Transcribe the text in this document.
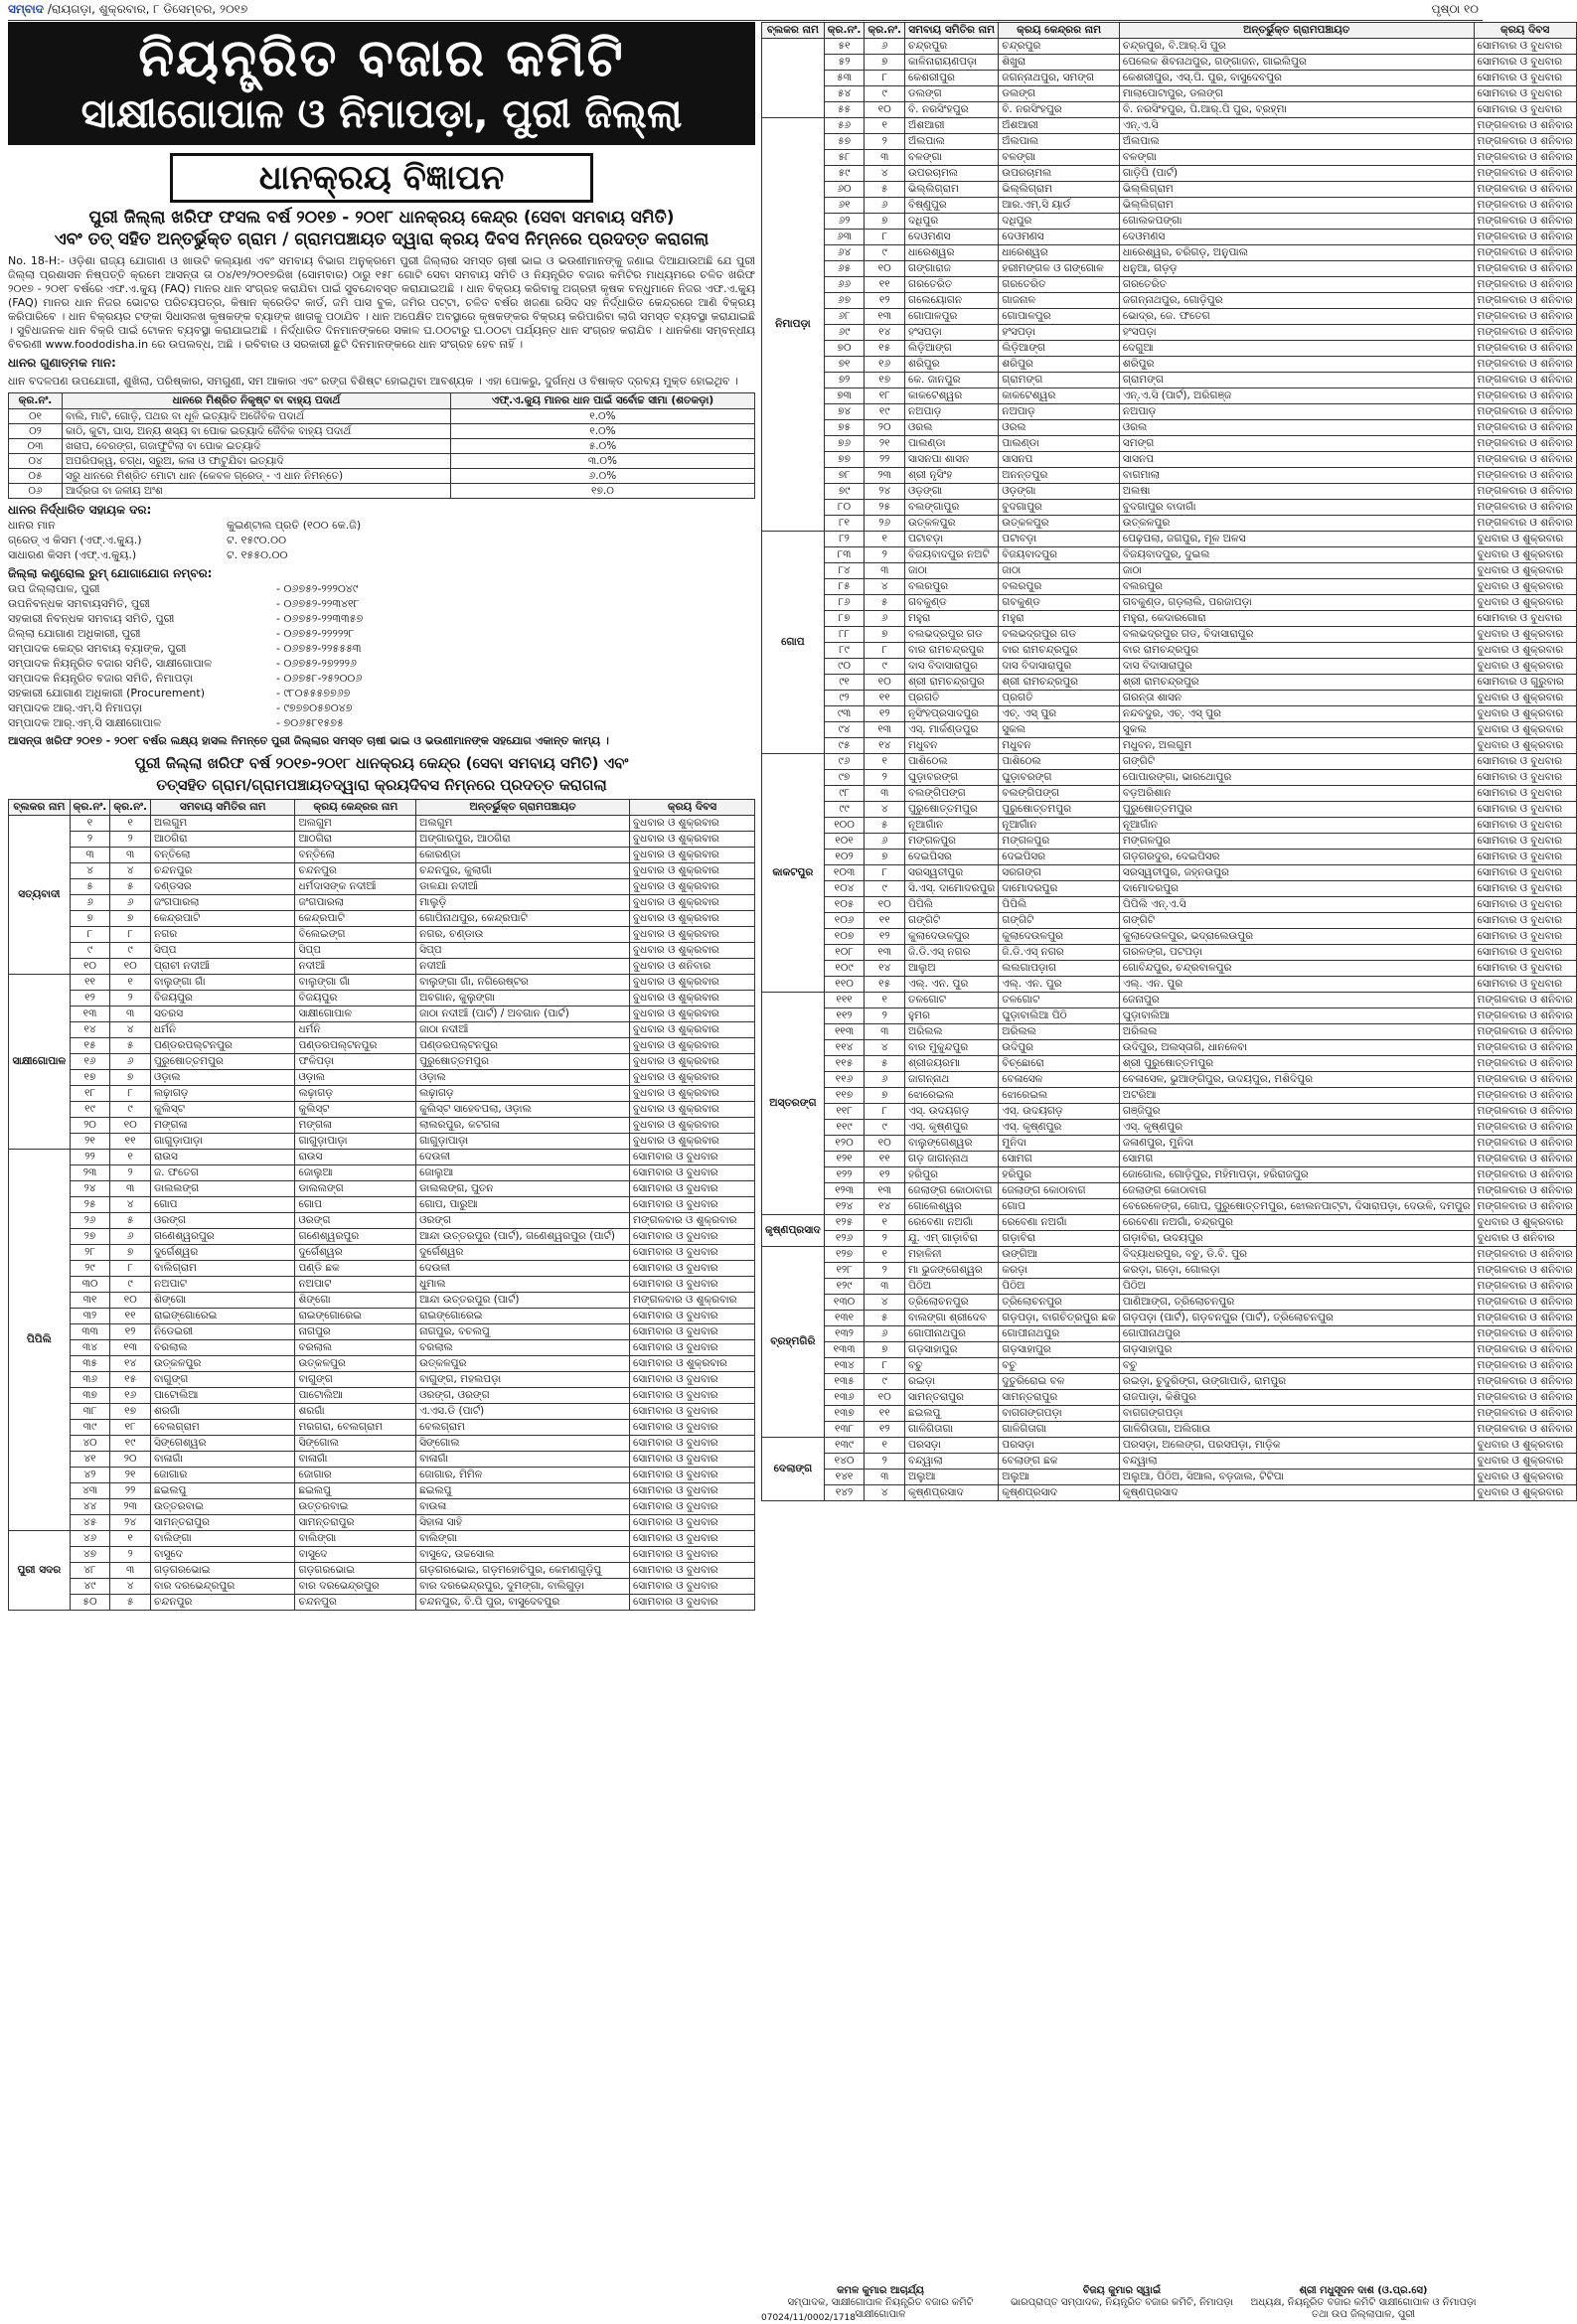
ସମ୍ବାଦ /ରାୟଗଡ଼ା, ଶୁକ୍ରବାର, ୮ ଡିସେମ୍ବର, ୨୦୧୭	ପୃଷ୍ଠା ୧୦
ନିୟନ୍ତ୍ରିତ ବଜାର କମିଟି
ସାକ୍ଷୀଗୋପାଳ ଓ ନିମାପଡ଼ା, ପୁରୀ ଜିଲ୍ଲା
ଧାନକ୍ରୟ ବିଜ୍ଞାପନ
ପୁରୀ ଜିଲ୍ଲା ଖରିଫ ଫସଲ ବର୍ଷ ୨୦୧୭ - ୨୦୧୮ ଧାନକ୍ରୟ କେନ୍ଦ୍ର (ସେବା ସମବାୟ ସମିତି)
ଏବଂ ତତ୍ ସହିତ ଅନ୍ତର୍ଭୁକ୍ତ ଗ୍ରାମ / ଗ୍ରାମପଞ୍ଚାୟତ ଦ୍ୱାରା କ୍ରୟ ଦିବସ ନିମ୍ନରେ ପ୍ରଦତ୍ତ କରାଗଲା
No. 18-H:- ଓଡ଼ିଶା ରାଜ୍ୟ ଯୋଗାଣ ଓ ଖାଉଟି କଲ୍ୟାଣ ଏବଂ ସମବାୟ ବିଭାଗ ଅନୁକ୍ରମେ ପୁରୀ ଜିଲ୍ଲାର ସମସ୍ତ ଚାଷୀ ଭାଇ ଓ ଭଉଣୀମାନଙ୍କୁ ଜଣାଇ ଦିଆଯାଉଅଛି ଯେ ପୁରୀ ଜିଲ୍ଲା ପ୍ରଶାସନ ନିଷ୍ପତ୍ତି କ୍ରମେ ଆସନ୍ତା ତା ୦୪/୧୨/୨୦୧୭ରିଖ (ସୋମବାର) ଠାରୁ ୧୫୮ ଗୋଟି ସେବା ସମବାୟ ସମିତି ଓ ନିୟନ୍ତ୍ରିତ ବଜାର କମିଟିର ମାଧ୍ୟମରେ ଚଳିତ ଖରିଫ ୨୦୧୭ - ୨୦୧୮ ବର୍ଷରେ ଏଫ.ଏ.କ୍ୟୁ (FAQ) ମାନର ଧାନ ସଂଗ୍ରହ କରାଯିବା ପାଇଁ ସୁବନ୍ଦୋବସ୍ତ କରାଯାଇଅଛି । ଧାନ ବିକ୍ରୟ କରିବାକୁ ଅଗ୍ରହୀ କୃଷକ ବନ୍ଧୁମାନେ ନିଜର ଏଫ.ଏ.କ୍ୟୁ (FAQ) ମାନର ଧାନ ନିଜର ଭୋଟର ପରିଚୟପତ୍ର, କିଷାନ କ୍ରେଡିଟ କାର୍ଡ, ଜମି ପାସ ବୁକ, ଜମିର ପଟ୍ଟା, ଚଳିତ ବର୍ଷର ଖଜଣା ରସିଦ ସହ ନିର୍ଦ୍ଧାରିତ କେନ୍ଦ୍ରରେ ଆଣି ବିକ୍ରୟ କରିପାରିବେ । ଧାନ ବିକ୍ରୟର ଟଙ୍କା ସିଧାସଳଖ କୃଷକଙ୍କ ବ୍ୟାଙ୍କ ଖାତାକୁ ପଠାଯିବ । ଧାନ ଅପେକ୍ଷିତ ଅବସ୍ଥାରେ କୃଷକଙ୍କର ବିକ୍ରୟ କରିପାରିବା ଲାଗି ସମସ୍ତ ବ୍ୟବସ୍ଥା କରାଯାଇଛି । ସୁବିଧାଜନକ ଧାନ ବିକ୍ରି ପାଇଁ ଟୋକନ ବ୍ୟବସ୍ଥା କରାଯାଇଅଛି । ନିର୍ଦ୍ଧାରିତ ଦିନମାନଙ୍କରେ ସକାଳ ଘ.୦୦ଟାରୁ ଘ.୦୦ଟା ପର୍ଯ୍ୟନ୍ତ ଧାନ ସଂଗ୍ରହ କରାଯିବ । ଧାନକିଣା ସମ୍ବନ୍ଧୀୟ ବିବରଣୀ www.foododisha.in ରେ ଉପଲବ୍ଧ, ଅଛି । ରବିବାର ଓ ସରକାରୀ ଛୁଟି ଦିନମାନଙ୍କରେ ଧାନ ସଂଗ୍ରହ ହେବ ନାହିଁ ।
ଧାନର ଗୁଣାତ୍ମକ ମାନ:
ଧାନ ବଦଳପଣ ଉପଯୋଗୀ, ଶୁଖିଲା, ପରିଷ୍କାର, ସମଗୁଣୀ, ସମ ଆକାର ଏବଂ ରଙ୍ଗ ବିଶିଷ୍ଟ ହୋଇଥିବା ଆବଶ୍ୟକ । ଏହା ପୋକରୁ, ଦୁର୍ଗନ୍ଧ ଓ ବିଷାକ୍ତ ଦ୍ରବ୍ୟ ମୁକ୍ତ ହୋଇଥିବ ।
କ୍ର.ନଂ.	ଧାନରେ ମିଶ୍ରିତ ନିକୃଷ୍ଟ ବା ବାହ୍ୟ ପଦାର୍ଥ	ଏଫ୍.ଏ.କ୍ୟୁ ମାନର ଧାନ ପାଇଁ ସର୍ବୋଚ୍ଚ ସୀମା (ଶତକଡ଼ା)
୦୧	ବାଲି, ମାଟି, ଗୋଡ଼ି, ପଥର ବା ଧୂଳି ଇତ୍ୟାଦି ଅଜୈବିକ ପଦାର୍ଥ	୧.୦%
୦୨	କାଠି, କୁଟା, ଘାସ, ଅନ୍ୟ ଶସ୍ୟ ବା ପୋକ ଇତ୍ୟାଦି ଜୈବିକ ବାହ୍ୟ ପଦାର୍ଥ	୧.୦%
୦୩	ଖରାପ, ବେରଙ୍ଗ, ଗଜାଫୁଟିଲା ବା ପୋକ ଇତ୍ୟାଦି	୫.୦%
୦୪	ଅପରିପକ୍ୱ, ଚଗ୍ଧ, ସରୁଅ, କଳା ଓ ଫାଟୁଯିବା ଇତ୍ୟାଦି	୩.୦%
୦୫	ସରୁ ଧାନରେ ମିଶ୍ରିତ ମୋଟା ଧାନ (କେବଳ ଗ୍ରେଡ୍ - ଏ ଧାନ ନିମନ୍ତେ)	୬.୦%
୦୬	ଆର୍ଦ୍ରତା ବା ଜଳୀୟ ଅଂଶ	୧୭.୦
ଧାନର ନିର୍ଦ୍ଧାରିତ ସହାୟକ ଦର:
ଧାନର ମାନ	କୁଇଣ୍ଟାଲ ପ୍ରତି (୧୦୦ କେ.ଜି)
ଗ୍ରେଡ୍ ଏ କିସମ (ଏଫ୍.ଏ.କ୍ୟୁ.)	ଟ. ୧୫୯୦.୦୦
ସାଧାରଣ କିସମ (ଏଫ୍.ଏ.କ୍ୟୁ.)	ଟ. ୧୫୫୦.୦୦
ଜିଲ୍ଲା କଣ୍ଟ୍ରୋଲ ରୁମ୍ ଯୋଗାଯୋଗ ନମ୍ବର:
ଉପ ଜିଲ୍ଲାପାଳ, ପୁରୀ	- ୦୬୭୫୨-୨୨୨୦୪୯
ଉପନିବନ୍ଧକ ସମବାୟସମିତି, ପୁରୀ	- ୦୬୭୫୨-୨୨୩୪୧୮
ସହକାରୀ ନିବନ୍ଧକ ସମବାୟ ସମିତି, ପୁରୀ	- ୦୬୭୫୨-୨୨୩୩୫୭
ଜିଲ୍ଲା ଯୋଗାଣ ଅଧିକାରୀ, ପୁରୀ	- ୦୬୭୫୨-୨୨୨୨୨୮
ସମ୍ପାଦକ କେନ୍ଦ୍ର ସମବାୟ ବ୍ୟାଙ୍କ, ପୁରୀ	- ୦୬୭୫୨-୨୨୫୫୫୩
ସମ୍ପାଦକ ନିୟନ୍ତ୍ରିତ ବଜାର ସମିତି, ସାକ୍ଷୀଗୋପାଳ	- ୦୬୭୫୨-୨୭୨୨୨୬
ସମ୍ପାଦକ ନିୟନ୍ତ୍ରିତ ବଜାର ସମିତି, ନିମାପଡ଼ା	- ୦୬୭୫୮-୨୫୨୦୦୬
ସହକାରୀ ଯୋଗାଣ ଅଧିକାରୀ (Procurement)	- ୯୮୦୫୫୫୭୭୬୭
ସମ୍ପାଦକ ଆର୍.ଏମ୍.ସି ନିମାପଡ଼ା	- ୯୭୭୭୦୫୭୦୪୭
ସମ୍ପାଦକ ଆର୍.ଏମ୍.ସି ସାକ୍ଷୀଗୋପାଳ	- ୭୦୬୫୮୧୫୭୫
ଆସନ୍ତା ଖରିଫ ୨୦୧୭ - ୨୦୧୮ ବର୍ଷର ଲକ୍ଷ୍ୟ ହାସଲ ନିମନ୍ତେ ପୁରୀ ଜିଲ୍ଲାର ସମସ୍ତ ଚାଷୀ ଭାଇ ଓ ଭଉଣୀମାନଙ୍କ ସହଯୋଗ ଏକାନ୍ତ କାମ୍ୟ ।
ପୁରୀ ଜିଲ୍ଲା ଖରିଫ ବର୍ଷ ୨୦୧୭-୨୦୧୮ ଧାନକ୍ରୟ କେନ୍ଦ୍ର (ସେବା ସମବାୟ ସମିତି) ଏବଂ
ତତ୍ସହିତ ଗ୍ରାମ/ଗ୍ରାମପଞ୍ଚାୟତଦ୍ୱାରା କ୍ରୟଦିବସ ନିମ୍ନରେ ପ୍ରଦତ୍ତ କରାଗଲା
ବ୍ଲକର ନାମ	କ୍ର.ନଂ.	କ୍ର.ନଂ.	ସମବାୟ ସମିତିର ନାମ	କ୍ରୟ କେନ୍ଦ୍ରର ନାମ	ଅନ୍ତର୍ଭୁକ୍ତ ଗ୍ରାମପଞ୍ଚାୟତ	କ୍ରୟ ଦିବସ
ସତ୍ୟବାଦୀ	୧	୧	ଅଲଗୁମ	ଅଲଗୁମ	ଅଲଗୁମ	ବୁଧବାର ଓ ଶୁକ୍ରବାର
	୨	୨	ଆଠଗିରା	ଆଠଗିରା	ଅଙ୍ଗାରପୁର, ଆଠଗିରା	ବୁଧବାର ଓ ଶୁକ୍ରବାର
	୩	୩	ବନ୍ତିଲୋ	ବନ୍ତିଲୋ	କୋରଣ୍ଡା	ବୁଧବାର ଓ ଶୁକ୍ରବାର
	୪	୪	ଚନ୍ଦନପୁର	ଚନ୍ଦନପୁର	ଚନ୍ଦନପୁର, କୁଲାଗାଁ	ବୁଧବାର ଓ ଶୁକ୍ରବାର
	୫	୫	ଦଣ୍ଡସର	ଧର୍ମଦାସଙ୍କ ନଦୀଆଁ	ଡାଳଯା ନଦୀଆଁ	ବୁଧବାର ଓ ଶୁକ୍ରବାର
	୬	୬	ଜଂଗପାରଲା	ଜଂଗପାରଲା	ମାଲୁଡ଼ି	ବୁଧବାର ଓ ଶୁକ୍ରବାର
	୭	୭	କେନ୍ଦ୍ରପାଟି	କେନ୍ଦ୍ରପାଟି	ଗୋପିନାଥପୁର, କେନ୍ଦ୍ରପାଟି	ବୁଧବାର ଓ ଶୁକ୍ରବାର
	୮	୮	ନଗର	ବିଲେଇଙ୍ଗ	ନଗର, ଚଣ୍ଡାଉ	ବୁଧବାର ଓ ଶୁକ୍ରବାର
	୯	୯	ସିପ୍ପ	ସିପ୍ପ	ସିପ୍ପ	ବୁଧବାର ଓ ଶୁକ୍ରବାର
	୧୦	୧୦	ପ୍ରାଚୀ ନଦୀଆଁ	ନଦୀଆଁ	ନଦୀଆଁ	ବୁଧବାର ଓ ଶନିବାର
ସାକ୍ଷୀଗୋପାଳ	୧୧	୧	ବାଲୁଙ୍ଗା ଗାଁ	ବାଲୁଙ୍ଗା ଗାଁ	ବାଲୁଙ୍ଗା ଗାଁ, ନଗିରେଷ୍ଟର	ବୁଧବାର ଓ ଶୁକ୍ରବାର
	୧୨	୨	ବିଜୟପୁର	ବିଜୟପୁର	ଅବଗାନ, କୁଲୁଙ୍ଗା	ବୁଧବାର ଓ ଶୁକ୍ରବାର
	୧୩	୩	ସତରସ	ସାକ୍ଷୀଗୋପାଳ	ଜାଠା ନଦୀଆଁ (ପାର୍ଟ) / ଅବଗାନ (ପାର୍ଟ)	ବୁଧବାର ଓ ଶୁକ୍ରବାର
	୧୪	୪	ଧର୍ମନି	ଧର୍ମନି	ଜାଠା ନଦୀଆଁ	ବୁଧବାର ଓ ଶୁକ୍ରବାର
	୧୫	୫	ପଣ୍ଡରପଲ୍ଟନପୁର	ପଣ୍ଡରପଲ୍ଟନପୁର	ପଣ୍ଡରପଲ୍ଟନପୁର	ବୁଧବାର ଓ ଶୁକ୍ରବାର
	୧୬	୬	ପୁରୁଷୋତ୍ତମପୁର	ଫଳିପଡ଼ା	ପୁରୁଷୋତ୍ତମପୁର	ବୁଧବାର ଓ ଶୁକ୍ରବାର
	୧୭	୭	ଓଡ଼ାଲ	ଓଡ଼ାଲ	ଓଡ଼ାଲ	ବୁଧବାର ଓ ଶୁକ୍ରବାର
	୧୮	୮	ଲଢ଼ାଗଡ଼	ଲଢ଼ାଗଡ଼	ଲଢ଼ାଗଡ଼	ବୁଧବାର ଓ ଶୁକ୍ରବାର
	୧୯	୯	କୁଲିସ୍ଟ	କୁଲିସ୍ଟ	କୁଲିସ୍ଟ ସାହେବପଲା, ଓଡ଼ାଲ	ବୁଧବାର ଓ ଶୁକ୍ରବାର
	୨୦	୧୦	ମଙ୍ଗଳା	ମଙ୍ଗଳା	ଲାଲରପୁର, କଟଗଳା	ବୁଧବାର ଓ ଶୁକ୍ରବାର
	୨୧	୧୧	ଗାଗୁଡ଼ାପାଡ଼ା	ଗାଗୁଡ଼ାପାଡ଼ା	ଗାଗୁଡ଼ାପାଡ଼ା	ବୁଧବାର ଓ ଶୁକ୍ରବାର
ପିପିଲି	୨୨	୧	ରାଉସ	ରାଉସ	ଦେଉଳୀ	ସୋମବାର ଓ ବୁଧବାର
	୨୩	୨	ଜ. ଫତେଗ	ଜୋଲୁଆ	ଜୋଲୁଆ	ସୋମବାର ଓ ବୁଧବାର
	୨୪	୩	ଡାଲଲଙ୍ଗ	ଡାଲଲଙ୍ଗ	ଡାଲଲଙ୍ଗ, ପୁତନ	ସୋମବାର ଓ ବୁଧବାର
	୨୫	୪	ଗୋପ	ଗୋପ	ଗୋପ, ପାରୁଆ	ସୋମବାର ଓ ବୁଧବାର
	୨୬	୫	ଓରଙ୍ଗ	ଓରଙ୍ଗ	ଓରଙ୍ଗ	ମଙ୍ଗଳବାର ଓ ଶୁକ୍ରବାର
	୨୭	୬	ଗଣେଶ୍ୱରପୁର	ଗଣେଶ୍ୱରପୁର	ଆନ୍ଦା ଉତ୍ତରପୁର (ପାର୍ଟ), ଗଣେଶ୍ୱରପୁର (ପାର୍ଟ)	ସୋମବାର ଓ ବୁଧବାର
	୨୮	୭	ଦୁର୍ଗେଶ୍ୱର	ଦୁର୍ଗେଶ୍ୱର	ଦୁର୍ଗେଶ୍ୱର	ସୋମବାର ଓ ବୁଧବାର
	୨୯	୮	ବାଲିଗ୍ରାମ	ପଣ୍ଡି ଛକ	ଦେଉଳୀ	ସୋମବାର ଓ ବୁଧବାର
	୩୦	୯	ନଅପାଟ	ନଅପାଟ	ଧୁମାଲ	ସୋମବାର ଓ ବୁଧବାର
	୩୧	୧୦	ଶିଙ୍ଗୋ	ଶିଙ୍ଗୋ	ଆନ୍ଦା ଉତ୍ତରପୁର (ପାର୍ଟ)	ମଙ୍ଗଳବାର ଓ ଶୁକ୍ରବାର
	୩୨	୧୧	ରାଇଙ୍ଗୋରେଇ	ରାଇଙ୍ଗୋରେଇ	ରାଇଙ୍ଗୋରେଇ	ସୋମବାର ଓ ବୁଧବାର
	୩୩	୧୨	ନିଡେଇରୀ	ନାଗପୁର	ନାଗପୁର, ବଚଲପୁ	ସୋମବାର ଓ ବୁଧବାର
	୩୪	୧୩	ବରଲାଲ	ବରଲାଲ	ବରଲାଲ	ସୋମବାର ଓ ବୁଧବାର
	୩୫	୧୪	ଉତ୍କଳପୁର	ଉତ୍କଳପୁର	ଉତ୍କଳପୁର	ସୋମବାର ଓ ଶୁକ୍ରବାର
	୩୬	୧୫	ବାଗୁଙ୍ଗ	ବାଗୁଙ୍ଗ	ବାଗୁଙ୍ଗ, ମହଲପଡ଼ା	ସୋମବାର ଓ ବୁଧବାର
	୩୭	୧୬	ପାଟୋଲିଆ	ପାଟୋଲିଆ	ଓରଙ୍ଗ, ଓରଙ୍ଗ	ସୋମବାର ଓ ବୁଧବାର
	୩୮	୧୭	ଶରଗାଁ	ଶରଗାଁ	ଏ.ଏସ.ଡି (ପାର୍ଟ)	ସୋମବାର ଓ ବୁଧବାର
	୩୯	୧୮	ବେଲଗ୍ରାମ	ମରଗରା, ବେଲଗ୍ରାମ	ବେଲଗ୍ରାମ	ସୋମବାର ଓ ବୁଧବାର
	୪୦	୧୯	ସିଙ୍ଗେଶ୍ୱର	ସିଙ୍ଗୋଲ	ସିଙ୍ଗୋଲ	ସୋମବାର ଓ ବୁଧବାର
	୪୧	୨୦	ବାଳାଗାଁ	ବାଳାଗାଁ	ବାଳାଗାଁ	ସୋମବାର ଓ ବୁଧବାର
	୪୨	୨୧	ଜୋଗାର	ଜୋଗାର	ଜୋଗାର, ମିମିଳ	ସୋମବାର ଓ ବୁଧବାର
	୪୩	୨୨	ଛଇଲପୁ	ଛଇଲପୁ	ଛଇଲପୁ	ସୋମବାର ଓ ବୁଧବାର
	୪୪	୨୩	ଉତ୍ତରବାଇ	ଉତ୍ତରବାଇ	ବାଉଳା	ସୋମବାର ଓ ବୁଧବାର
	୪୫	୨୪	ସାମନ୍ତରାପୁର	ସାମନ୍ତରାପୁର	ସିହାଳା ସାହି	ସୋମବାର ଓ ବୁଧବାର
ପୁରୀ ସଦର	୪୬	୧	ବାଲିଙ୍ଗା	ବାଲିଙ୍ଗା	ବାଲିଙ୍ଗା	ସୋମବାର ଓ ବୁଧବାର
	୪୭	୨	ବାସୁଦେ	ବାସୁଦେ	ବାସୁଦେ, ଉଚ୍ଚସୋଲ	ସୋମବାର ଓ ବୁଧବାର
	୪୮	୩	ଗଡ଼ଗରଭୋଇ	ଗଡ଼ଗରଭୋଇ	ଗଡ଼ଗରଭୋଇ, ଗଡ଼ମହୋଚିପୁର, କେମଣଗୁଡ଼ିପୁ	ସୋମବାର ଓ ବୁଧବାର
	୪୯	୪	ବାର ଦରଭେନ୍ଦ୍ରପୁର	ବାର ଦରଭେନ୍ଦ୍ରପୁର	ବାର ଦରଭେନ୍ଦ୍ରପୁର, ଦୁମଙ୍ଗା, ବାଲିଗୁଡ଼ା	ସୋମବାର ଓ ବୁଧବାର
	୫୦	୫	ଚନ୍ଦନପୁର	ଚନ୍ଦନପୁର	ଚନ୍ଦନପୁର, ବି.ପି ପୁର, ବାସୁଦେବପୁର	ସୋମବାର ଓ ବୁଧବାର
ବ୍ଲକର ନାମ	କ୍ର.ନଂ.	କ୍ର.ନଂ.	ସମବାୟ ସମିତିର ନାମ	କ୍ରୟ କେନ୍ଦ୍ରର ନାମ	ଅନ୍ତର୍ଭୁକ୍ତ ଗ୍ରାମପଞ୍ଚାୟତ	କ୍ରୟ ଦିବସ
	୫୧	୬	ଚନ୍ଦ୍ରପୁର	ଚନ୍ଦ୍ରପୁର	ଚନ୍ଦ୍ରପୁର, ବି.ଆର୍.ସି ପୁର	ସୋମବାର ଓ ବୁଧବାର
	୫୨	୭	କାଳିନାରାୟଣପଡ଼ା	ଶିଖୁରା	ପେଲେକ ଶିବନାଥପୁର, ଗଙ୍ଗାଜନ, ଗାଇଲିପୁର	ସୋମବାର ଓ ବୁଧବାର
	୫୩	୮	କେଶରୀପୁର	ଜଗନ୍ନାଥପୁର, ସମଙ୍ଗ	କେଶରୀପୁର, ଏସ୍.ପି. ପୁର, ବାସୁଦେବପୁର	ସୋମବାର ଓ ବୁଧବାର
	୫୪	୯	ଡଲଙ୍ଗ	ଡଲଙ୍ଗ	ମାଲାପୋଟାପୁର, ଡଲଙ୍ଗ	ସୋମବାର ଓ ବୁଧବାର
	୫୫	୧୦	ବି. ନରସିଂହପୁର	ବି. ନରସିଂହପୁର	ବି. ନରସିଂହପୁର, ପି.ଆର୍.ପି ପୁର, ବ୍ରହ୍ମା	ସୋମବାର ଓ ବୁଧବାର
ନିମାପଡ଼ା	୫୬	୧	ଅଁଶଆରୀ	ଅଁଶଆରୀ	ଏନ୍.ଏ.ସି	ମଙ୍ଗଳବାର ଓ ଶନିବାର
	୫୭	୨	ଅଁଲପାଲ	ଅଁଲପାଲ	ଅଁଲପାଲ	ମଙ୍ଗଳବାର ଓ ଶନିବାର
	୫୮	୩	ବଳଙ୍ଗା	ବଳଙ୍ଗା	ବଳଙ୍ଗା	ମଙ୍ଗଳବାର ଓ ଶନିବାର
	୫୯	୪	ଉପରଚାମଲ	ଉପରଚାମଲ	ଗାଡ଼ିପି (ପାର୍ଟ)	ମଙ୍ଗଳବାର ଓ ଶନିବାର
	୬୦	୫	ଭିଲ୍ଲିଗ୍ରାମ	ଭିଲ୍ଲିଗ୍ରାମ	ଭିଲ୍ଲିଗ୍ରାମ	ମଙ୍ଗଳବାର ଓ ଶନିବାର
	୬୧	୬	ବିଷ୍ଣୁପୁର	ଆର.ଏମ୍.ସି ୟାର୍ଡ	ଭିଲ୍ଲିଗ୍ରାମ	ମଙ୍ଗଳବାର ଓ ଶନିବାର
	୬୨	୭	ଦଧିପୁର	ଦଧିପୁର	ଗୋଲକପଙ୍ଗା	ମଙ୍ଗଳବାର ଓ ଶନିବାର
	୬୩	୮	ଦେଓମଣସ	ଦେଓମଣସ	ଦେଓମଣସ	ମଙ୍ଗଳବାର ଓ ଶନିବାର
	୬୪	୯	ଧାରେଶ୍ୱର	ଧାରେଶ୍ୱର	ଧାରେଶ୍ୱର, ଚରିଗଡ଼, ଅନୁପାଲ	ମଙ୍ଗଳବାର ଓ ଶନିବାର
	୬୫	୧୦	ଗଙ୍ଗାରାଜ	ହରୀମଙ୍ଗଳ ଓ ଗଙ୍ଗୋଳ	ଧନୁଆ, ଗଡ଼ଡ଼	ମଙ୍ଗଳବାର ଓ ଶନିବାର
	୬୬	୧୧	ଗରତେରିତ	ଗରତେରିତ	ଗରତେରିତ	ମଙ୍ଗଳବାର ଓ ଶନିବାର
	୬୭	୧୨	ଗଲେୟୋଗନ	ଗାଜନାଳ	ଜଗନ୍ନାଥପୁର, ଗୋଡ଼ିପୁର	ମଙ୍ଗଳବାର ଓ ଶନିବାର
	୬୮	୧୩	ଗୋପାଳପୁର	ଗୋପାଳପୁର	ଭୋଦ୍ର, ଜେ. ଫତେଗ	ମଙ୍ଗଳବାର ଓ ଶନିବାର
	୬୯	୧୪	ହଂସପଡ଼ା	ହଂସପଡ଼ା	ହଂସପଡ଼ା	ମଙ୍ଗଳବାର ଓ ଶନିବାର
	୭୦	୧୫	ଲିଡ଼ିଆଙ୍ଗ	ଲିଡ଼ିଆଙ୍ଗ	ଦେଗୁଆ	ମଙ୍ଗଳବାର ଓ ଶନିବାର
	୭୧	୧୬	ଶରିପୁର	ଶରିପୁର	ଶରିପୁର	ମଙ୍ଗଳବାର ଓ ଶନିବାର
	୭୨	୧୭	କେ. ଜାନପୁର	ଗ୍ରାମଙ୍ଗ	ଗ୍ରାମଙ୍ଗ	ମଙ୍ଗଳବାର ଓ ଶନିବାର
	୭୩	୧୮	କାକଟେଶ୍ୱର	କାକଟେଶ୍ୱର	ଏନ୍.ଏ.ସି (ପାର୍ଟ), ଅରିଗଞ୍ଜ	ମଙ୍ଗଳବାର ଓ ଶନିବାର
	୭୪	୧୯	ନଅପାଡ଼	ନଅପାଡ଼	ନଅପାଡ଼	ମଙ୍ଗଳବାର ଓ ଶନିବାର
	୭୫	୨୦	ଓରଲ	ଓରଲ	ଓରଲ	ମଙ୍ଗଳବାର ଓ ଶନିବାର
	୭୬	୨୧	ପାଲଣ୍ଡା	ପାଲଣ୍ଡା	ସମଙ୍ଗ	ମଙ୍ଗଳବାର ଓ ଶନିବାର
	୭୭	୨୨	ସାସନପା ଶାସନ	ସାସନପ	ସାସନପ	ମଙ୍ଗଳବାର ଓ ଶନିବାର
	୭୮	୨୩	ଶ୍ରୀ ନୃସିଂହ	ଅନନ୍ତପୁର	ବାଗମାଲା	ମଙ୍ଗଳବାର ଓ ଶନିବାର
	୭୯	୨୪	ଓଡ଼ଙ୍ଗା	ଓଡ଼ଙ୍ଗା	ଅଲଷା	ମଙ୍ଗଳବାର ଓ ଶନିବାର
	୮୦	୨୫	ବଲଙ୍ଗାପୁର	ବୁଦଗାପୁର	ବୁଦଗାପୁର ବାଦାଗାଁ	ମଙ୍ଗଳବାର ଓ ଶନିବାର
	୮୧	୨୬	ଉତ୍କଳପୁର	ଉତ୍କଳପୁର	ଉତ୍କଳପୁର	ମଙ୍ଗଳବାର ଓ ଶନିବାର
ଗୋପ	୮୨	୧	ପଟାବଡ଼ା	ପଟାବଡ଼ା	ପେଢ଼ପଲା, ଜଗପୁର, ମୂଳ ଅଳସ	ବୁଧବାର ଓ ଶୁକ୍ରବାର
	୮୩	୨	ବିଜୟବାଦପୁର ନଅଟି	ବିଜୟବାଦପୁର	ବିଜୟବାଦପୁର, ଦୁଇଲ	ବୁଧବାର ଓ ଶୁକ୍ରବାର
	୮୪	୩	ଜାଠା	ଜାଠା	ଜାଠା	ବୁଧବାର ଓ ଶୁକ୍ରବାର
	୮୫	୪	ବଲରପୁର	ବଲରପୁର	ବଲରପୁର	ବୁଧବାର ଓ ଶୁକ୍ରବାର
	୮୬	୫	ଗବକୁଣ୍ଡ	ଗବକୁଣ୍ଡ	ଗବକୁଣ୍ଡ, ଗଡ଼ଲାଲି, ପରଜାପଡ଼ା	ବୁଧବାର ଓ ଶୁକ୍ରବାର
	୮୭	୬	ମହୁରା	ମହୁରା	ମହୁରା, କେଦାରଗୋରା	ସୋମବାର ଓ ବୁଧବାର
	୮୮	୭	ବଲଭଦ୍ରପୁର ଗଡ	ବଲଭଦ୍ରପୁର ଗଡ	ବଲଭଦ୍ରପୁର ଗଡ, ବିଦାସାରାପୁର	ବୁଧବାର ଓ ଶୁକ୍ରବାର
	୮୯	୮	ବାର ରାମଚନ୍ଦ୍ରପୁର	ବାର ରାମଚନ୍ଦ୍ରପୁର	ବାର ରାମଚନ୍ଦ୍ରପୁର	ବୁଧବାର ଓ ଶୁକ୍ରବାର
	୯୦	୯	ଦାସ ବିଦାସାରାପୁର	ଦାସ ବିଦାସାରାପୁର	ଦାସ ବିଦାସାରାପୁର	ବୁଧବାର ଓ ଶୁକ୍ରବାର
	୯୧	୧୦	ଶ୍ରୀ ରାମଚନ୍ଦ୍ରପୁର	ଶ୍ରୀ ରାମଚନ୍ଦ୍ରପୁର	ଶ୍ରୀ ରାମଚନ୍ଦ୍ରପୁର	ସୋମବାର ଓ ଗୁରୁବାର
	୯୨	୧୧	ପ୍ରଗତି	ପ୍ରଗତି	ଗରନ୍ତା ଶାସନ	ବୁଧବାର ଓ ଶୁକ୍ରବାର
	୯୩	୧୨	ନୃସିଂହପ୍ରସାଦପୁର	ଏଚ୍. ଏସ୍ ପୁର	ନନ୍ଦବଦୁର, ଏଚ୍. ଏସ୍ ପୁର	ବୁଧବାର ଓ ଶୁକ୍ରବାର
	୯୪	୧୩	ଏସ୍. ମାର୍କଣ୍ଡପୁର	ସୁକଲ	ସୁକଲ	ବୁଧବାର ଓ ଶୁକ୍ରବାର
	୯୫	୧୪	ମଧୁବନ	ମଧୁବନ	ମଧୁବନ, ଅଲଗୁମ	ବୁଧବାର ଓ ଶୁକ୍ରବାର
କାକଟପୁର	୯୬	୧	ପାଶିଠେଲ	ପାଶିଠେଲ	ଗଙ୍ଗିଟି	ସୋମବାର ଓ ବୁଧବାର
	୯୭	୨	ଘୁଡ଼ାବରଙ୍ଗ	ଘୁଡ଼ାବରଙ୍ଗ	ପୋପାରଙ୍ଗା, ଭାରଥୋପୁର	ସୋମବାର ଓ ବୁଧବାର
	୯୮	୩	ବଲଙ୍ଗିପଙ୍ଗ	ବଲଙ୍ଗିପଙ୍ଗ	ବଡ଼ଅରିଶାନ	ସୋମବାର ଓ ବୁଧବାର
	୯୯	୪	ପୁରୁଷୋତ୍ତମପୁର	ପୁରୁଷୋତ୍ତମପୁର	ପୁରୁଷୋତ୍ତମପୁର	ସୋମବାର ଓ ବୁଧବାର
	୧୦୦	୫	ନୂଆଗାଁନ	ନୂଆଗାଁନ	ନୂଆଗାଁନ	ସୋମବାର ଓ ବୁଧବାର
	୧୦୧	୬	ମଙ୍ଗଳପୁର	ମଙ୍ଗଳପୁର	ମଙ୍ଗଳପୁର	ସୋମବାର ଓ ବୁଧବାର
	୧୦୨	୭	ଦେଇପିସର	ଦେଇପିସର	ଗଡ଼ଗରଦୁର, ଦେଇପିସର	ସୋମବାର ଓ ବୁଧବାର
	୧୦୩	୮	ସରସ୍ୱତୀପୁର	ସରଗଙ୍ଗ	ସରସ୍ୱତୀପୁର, ଜହ୍ନଉପୁର	ସୋମବାର ଓ ବୁଧବାର
	୧୦୪	୯	ସି.ଏସ୍. ଦାମୋଦରପୁର	ଦାମୋଦରପୁର	ଦାମୋଦରପୁର	ସୋମବାର ଓ ବୁଧବାର
	୧୦୫	୧୦	ପିପିଲି	ପିପିଲି	ପିପିଲି ଏନ୍.ଏ.ସି	ସୋମବାର ଓ ବୁଧବାର
	୧୦୬	୧୧	ଗଙ୍ଗିଟି	ଗଙ୍ଗିଟି	ଗଙ୍ଗିଟି	ସୋମବାର ଓ ବୁଧବାର
	୧୦୭	୧୨	କୁଲାଦେଉଳପୁର	କୁଲାଦେଉଳପୁର	କୁଲାଦେଉଳପୁର, ଭଦ୍ରାଲେଉପୁର	ସୋମବାର ଓ ବୁଧବାର
	୧୦୮	୧୩	ଜି.ଡି.ଏସ୍ ନଗର	ଜି.ଡି.ଏସ୍ ନଗର	ଗରଳଙ୍ଗ, ପଟପଡ଼ା	ସୋମବାର ଓ ବୁଧବାର
	୧୦୯	୧୪	ଆଲୁଅ	ଲଲଗାପଡ଼ାଗ	ଗୋବିନ୍ଦପୁର, ଚନ୍ଦ୍ରବାଳପୁର	ସୋମବାର ଓ ବୁଧବାର
	୧୧୦	୧୫	ଏଲ୍. ଏନ. ପୁର	ଏଲ୍. ଏନ. ପୁର	ଏଲ୍. ଏନ. ପୁର	ସୋମବାର ଓ ବୁଧବାର
ଅସ୍ତରଙ୍ଗ	୧୧୧	୧	ତଳଗୋଟ	ତଳଗୋଟ	ଜେନାପୁର	ମଙ୍ଗଳବାର ଓ ଶନିବାର
	୧୧୨	୨	ହୁମର	ଘୁଡ଼ାବାଲିଆ ପିଠି	ଘୁଡ଼ାବାଲିଆ	ମଙ୍ଗଳବାର ଓ ଶନିବାର
	୧୧୩	୩	ଅରିଲଲ	ଅରିଲଲ	ଅରିଲଲ	ମଙ୍ଗଳବାର ଓ ଶନିବାର
	୧୧୪	୪	ବାର ମୁକୁନ୍ଦପୁର	ଉଦିପୁର	ଉଦିପୁର, ଅଲସ୍ତାଗି, ଧାନଳେବା	ମଙ୍ଗଳବାର ଓ ଶନିବାର
	୧୧୫	୫	ଶ୍ରୀଜୟରମା	ବିଚ୍ଛୋରୋ	ଶ୍ରୀ ପୁରୁଷୋତ୍ତମପୁର	ମଙ୍ଗଳବାର ଓ ଶନିବାର
	୧୧୬	୬	ଜାଗନ୍ନାଥ	ବେଳାସେଳ	ବେଳାସେଳ, ଭୁଆଙ୍ଗିପୁର, ଉଦୟପୁର, ମଶିଦିପୁର	ମଙ୍ଗଳବାର ଓ ଶନିବାର
	୧୧୭	୭	ଝୋରେଇଲ	ଝୋରେଇଲ	ଅଟରିଆ	ମଙ୍ଗଳବାର ଓ ଶନିବାର
	୧୧୮	୮	ଏସ୍. ଉଦୟଗଡ଼	ଏସ୍. ଉଦୟଗଡ଼	ଗଞ୍ଜିପୁର	ମଙ୍ଗଳବାର ଓ ଶନିବାର
	୧୧୯	୯	ଏସ୍. କୃଷ୍ଣପୁର	ଏସ୍. କୃଷ୍ଣପୁର	ଏସ୍. କୃଷ୍ଣପୁର	ମଙ୍ଗଳବାର ଓ ଶନିବାର
	୧୨୦	୧୦	ବାଲୁଙ୍ଗେଶ୍ୱର	ମୁନିଦା	ଜଳାଣପୁର, ମୁନିଦା	ମଙ୍ଗଳବାର ଓ ଶନିବାର
	୧୨୧	୧୧	ଗଡ଼ ଜାଗନ୍ନାଥ	ସୋମଗ	ସୋମଗ	ମଙ୍ଗଳବାର ଓ ଶନିବାର
	୧୨୨	୧୨	ହରିପୁର	ହରିପୁର	ଜୋଗୋଲ, ଗୋଡ଼ିପୁର, ମହିମାପଡ଼ା, ହରିରାଜପୁର	ମଙ୍ଗଳବାର ଓ ଶନିବାର
	୧୨୩	୧୩	ଜେଲାଙ୍ଗ କୋଠାବାଗ	ଜେଲାଙ୍ଗ କୋଠାବାଗ	ଜେଲାଙ୍ଗ କୋଠାବାଗ	ମଙ୍ଗଳବାର ଓ ଶନିବାର
	୧୨୪	୧୪	ଗୋଲେଶ୍ୱର	ଗୋପ	ବେରେଳେଙ୍ଗ, ଗୋପ, ପୁରୁଷୋତ୍ତମପୁର, ଝୋଲନପାଟ୍ଟା, ଦିସାରାପଡ଼ା, ଦେଉଳି, ଦମପୁର	ମଙ୍ଗଳବାର ଓ ଶନିବାର
କୃଷ୍ଣପ୍ରସାଦ	୧୨୫	୧	ରେବେଣା ନଅଗାଁ	ରେବେଣା ନଅଗାଁ	ରେବେଣା ନଅଗାଁ, ଚନ୍ଦ୍ରପୁର	ବୁଧବାର ଓ ଶୁକ୍ରବାର
	୧୨୬	୨	ଯୁ. ଏମ୍ ଗାଡ଼ାବିରା	ଗଡ଼ାବିରା	ଗଡ଼ାବିରା, ଉଦୟପୁର	ବୁଧବାର ଓ ଶନିବାର
ବ୍ରହ୍ମଗିରି	୧୨୭	୧	ମହାଳିନୀ	ଉଙ୍ଗିଆ	ବିଦ୍ୟାଧରପୁର, ବଚୁ, ଡି.ବି. ପୁର	ମଙ୍ଗଳବାର ଓ ଶନିବାର
	୧୨୮	୨	ମା ଭୁଜଙ୍ଗେଶ୍ୱର	କରଡ଼ା	କରଡ଼ା, ଗଡ଼ୋ, ଗୋଲଡ଼ା	ମଙ୍ଗଳବାର ଓ ଶନିବାର
	୧୨୯	୩	ପିଠିଅ	ପିଠିଅ	ପିଠିଅ	ମଙ୍ଗଳବାର ଓ ଶନିବାର
	୧୩୦	୪	ତ୍ରିଲୋଚନପୁର	ତ୍ରିଲୋଚନପୁର	ପାଣିଆଙ୍ଗ, ତ୍ରିଲୋଚନପୁର	ମଙ୍ଗଳବାର ଓ ଶନିବାର
	୧୩୧	୫	ବାଲଙ୍ଗା ଶ୍ରୀଦେବ	ଗଡ଼ପଡ଼ା, ବାଗଚିତ୍ରପୁର ଛକ	ଗଡ଼ପଡ଼ା (ପାର୍ଟ), ଗଡ଼ବନପୁର (ପାର୍ଟ), ତ୍ରିଲୋଚନପୁର	ମଙ୍ଗଳବାର ଓ ଶନିବାର
	୧୩୨	୬	ଗୋପୀନାଥପୁର	ଗୋପୀନାଥପୁର	ଗୋପୀନାଥପୁର	ମଙ୍ଗଳବାର ଓ ଶନିବାର
	୧୩୩	୭	ଗଡ଼ସାହାପୁର	ଗଡ଼ସାହାପୁର	ଗଡ଼ସାହାପୁର	ମଙ୍ଗଳବାର ଓ ଶନିବାର
	୧୩୪	୮	ବଚୁ	ବଚୁ	ବଚୁ	ମଙ୍ଗଳବାର ଓ ଶନିବାର
	୧୩୫	୯	ରଇଡ଼ା	ଦୁତୁରିରୋଇ ବଳ	ରଇଡ଼ା, ଚୁଦୁରିଙ୍ଗ, ଉଙ୍ଗାପାଡି, ରାମପୁର	ମଙ୍ଗଳବାର ଓ ଶନିବାର
	୧୩୬	୧୦	ସାମନ୍ତରାପୁର	ସାମନ୍ତରାପୁର	ରାଜପାଡ଼ା, କିଶିପୁର	ମଙ୍ଗଳବାର ଓ ଶନିବାର
	୧୩୭	୧୧	ଛଇଲପୁ	ବାଗଗଙ୍ଗପଡ଼ା	ବାଗଗଙ୍ଗପଡ଼ା	ମଙ୍ଗଳବାର ଓ ଶନିବାର
	୧୩୮	୧୨	ଗାଳିଗିତାଗା	ଗାଳିଗିତାଗା	ଗାଳିଗିତାଗା, ଅଲିଗାଉ	ମଙ୍ଗଳବାର ଓ ଶନିବାର
ଦେଲାଙ୍ଗ	୧୩୯	୧	ପରସଡ଼ା	ପରସଡ଼ା	ପରସଡ଼ା, ଅଲେଙ୍ଗ, ପରସପଡ଼ା, ମାଡ଼ିକ	ବୁଧବାର ଓ ଶୁକ୍ରବାର
	୧୪୦	୨	ବନ୍ଦ୍ୱାଲା	ବେଲାଙ୍ଗ ଛକ	ବନ୍ଦ୍ୱାଲା	ବୁଧବାର ଓ ଶୁକ୍ରବାର
	୧୪୧	୩	ଅଲୁଆ	ଅଲୁଆ	ଅଲୁଆ, ପିଠିଅ, ସିଆଲ, ବଡ଼ଜାଲ, ଟିଟିପା	ବୁଧବାର ଓ ଶୁକ୍ରବାର
	୧୪୨	୪	କୃଷ୍ଣପ୍ରସାଦ	କୃଷ୍ଣପ୍ରସାଦ	କୃଷ୍ଣପ୍ରସାଦ	ବୁଧବାର ଓ ଶୁକ୍ରବାର
କମଳ କୁମାର ଆଚାର୍ଯ୍ୟ
ସମ୍ପାଦକ, ସାକ୍ଷୀଗୋପାଳ ନିୟନ୍ତ୍ରିତ ବଜାର କମିଟି ସାକ୍ଷୀଗୋପାଳ
ବିଜୟ କୁମାର ସ୍ୱାଇଁ
ଭାରପ୍ରାପ୍ତ ସମ୍ପାଦକ, ନିୟନ୍ତ୍ରିତ ବଜାର କମିଟି, ନିମାପଡ଼ା
ଶ୍ରୀ ମଧୁସୂଦନ ଦାଶ (ଓ.ପ୍ର.ସେ)
ଅଧ୍ୟକ୍ଷ, ନିୟନ୍ତ୍ରିତ ବଜାର କମିଟି ସାକ୍ଷୀଗୋପାଳ ଓ ନିମାପଡ଼ା ତଥା ଉପ ଜିଲ୍ଲାପାଳ, ପୁରୀ
07024/11/0002/1718
